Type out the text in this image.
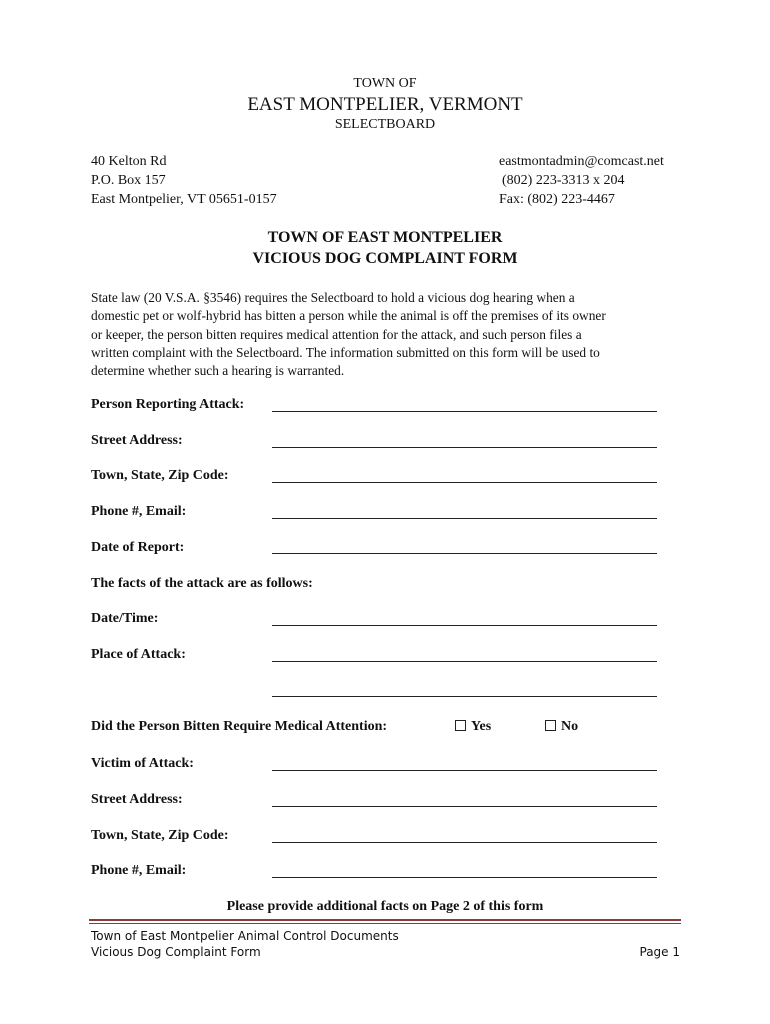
TOWN OF
EAST MONTPELIER, VERMONT
SELECTBOARD
40 Kelton Rd
P.O. Box 157
East Montpelier, VT 05651-0157
eastmontadmin@comcast.net
(802) 223-3313 x 204
Fax: (802) 223-4467
TOWN OF EAST MONTPELIER
VICIOUS DOG COMPLAINT FORM
State law (20 V.S.A. §3546) requires the Selectboard to hold a vicious dog hearing when a
domestic pet or wolf-hybrid has bitten a person while the animal is off the premises of its owner
or keeper, the person bitten requires medical attention for the attack, and such person files a
written complaint with the Selectboard. The information submitted on this form will be used to
determine whether such a hearing is warranted.
Person Reporting Attack:
Street Address:
Town, State, Zip Code:
Phone #, Email:
Date of Report:
The facts of the attack are as follows:
Date/Time:
Place of Attack:
Did the Person Bitten Require Medical Attention:	Yes	No
Victim of Attack:
Street Address:
Town, State, Zip Code:
Phone #, Email:
Please provide additional facts on Page 2 of this form
Town of East Montpelier Animal Control Documents
Vicious Dog Complaint Form	Page 1
